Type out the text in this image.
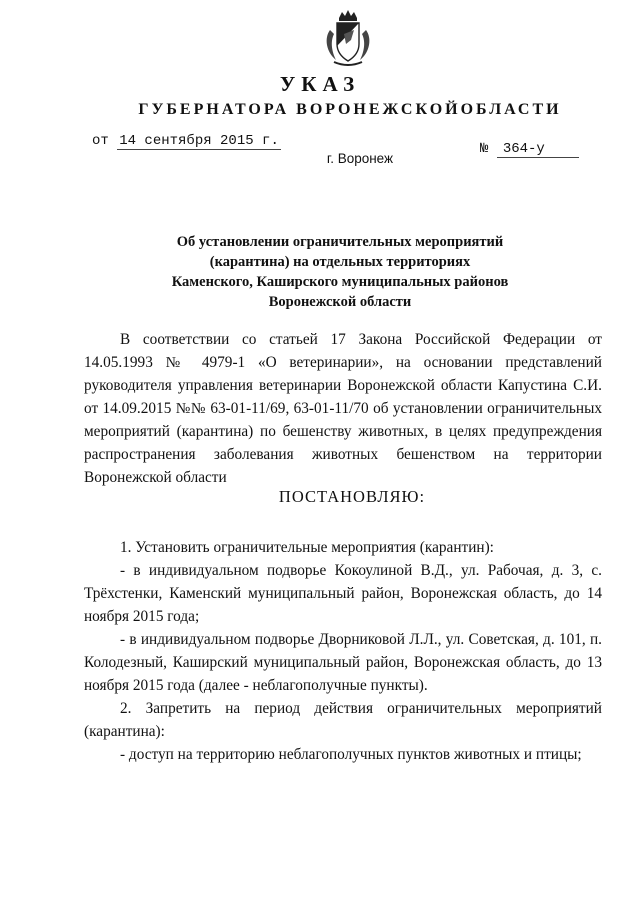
УКАЗ
ГУБЕРНАТОРА ВОРОНЕЖСКОЙОБЛАСТИ
от 14 сентября 2015 г.	№ 364-у
г. Воронеж
Об установлении ограничительных мероприятий
(карантина) на отдельных территориях
Каменского, Каширского муниципальных районов
Воронежской области

В соответствии со статьей 17 Закона Российской Федерации от 14.05.1993 № 4979-1 «О ветеринарии», на основании представлений руководителя управления ветеринарии Воронежской области Капустина С.И. от 14.09.2015 №№ 63-01-11/69, 63-01-11/70 об установлении ограничительных мероприятий (карантина) по бешенству животных, в целях предупреждения распространения заболевания животных бешенством на территории Воронежской области

ПОСТАНОВЛЯЮ:

1. Установить ограничительные мероприятия (карантин):

- в индивидуальном подворье Кокоулиной В.Д., ул. Рабочая, д. 3, с. Трёхстенки, Каменский муниципальный район, Воронежская область, до 14 ноября 2015 года;

- в индивидуальном подворье Дворниковой Л.Л., ул. Советская, д. 101, п. Колодезный, Каширский муниципальный район, Воронежская область, до 13 ноября 2015 года (далее - неблагополучные пункты).

2. Запретить на период действия ограничительных мероприятий (карантина):

- доступ на территорию неблагополучных пунктов животных и птицы;
